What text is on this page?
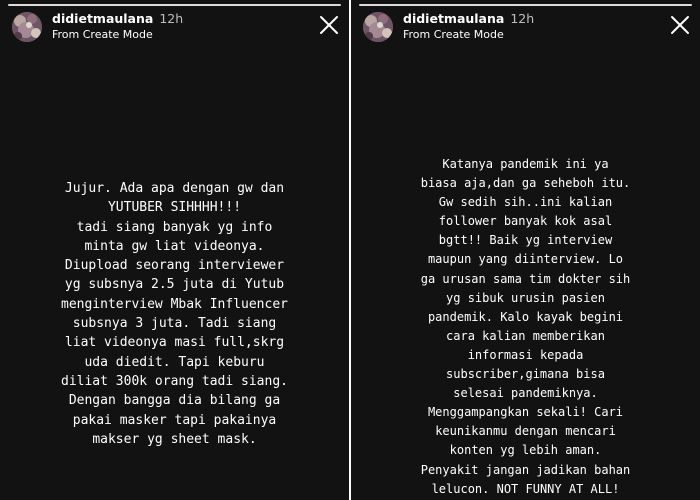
didietmaulana 12h
From Create Mode

Jujur. Ada apa dengan gw dan
YUTUBER SIHHHH!!!
tadi siang banyak yg info
minta gw liat videonya.
Diupload seorang interviewer
yg subsnya 2.5 juta di Yutub
menginterview Mbak Influencer
subsnya 3 juta. Tadi siang
liat videonya masi full,skrg
uda diedit. Tapi keburu
diliat 300k orang tadi siang.
Dengan bangga dia bilang ga
pakai masker tapi pakainya
makser yg sheet mask.

didietmaulana 12h
From Create Mode

Katanya pandemik ini ya
biasa aja,dan ga seheboh itu.
Gw sedih sih..ini kalian
follower banyak kok asal
bgtt!! Baik yg interview
maupun yang diinterview. Lo
ga urusan sama tim dokter sih
yg sibuk urusin pasien
pandemik. Kalo kayak begini
cara kalian memberikan
informasi kepada
subscriber,gimana bisa
selesai pandemiknya.
Menggampangkan sekali! Cari
keunikanmu dengan mencari
konten yg lebih aman.
Penyakit jangan jadikan bahan
lelucon. NOT FUNNY AT ALL!
